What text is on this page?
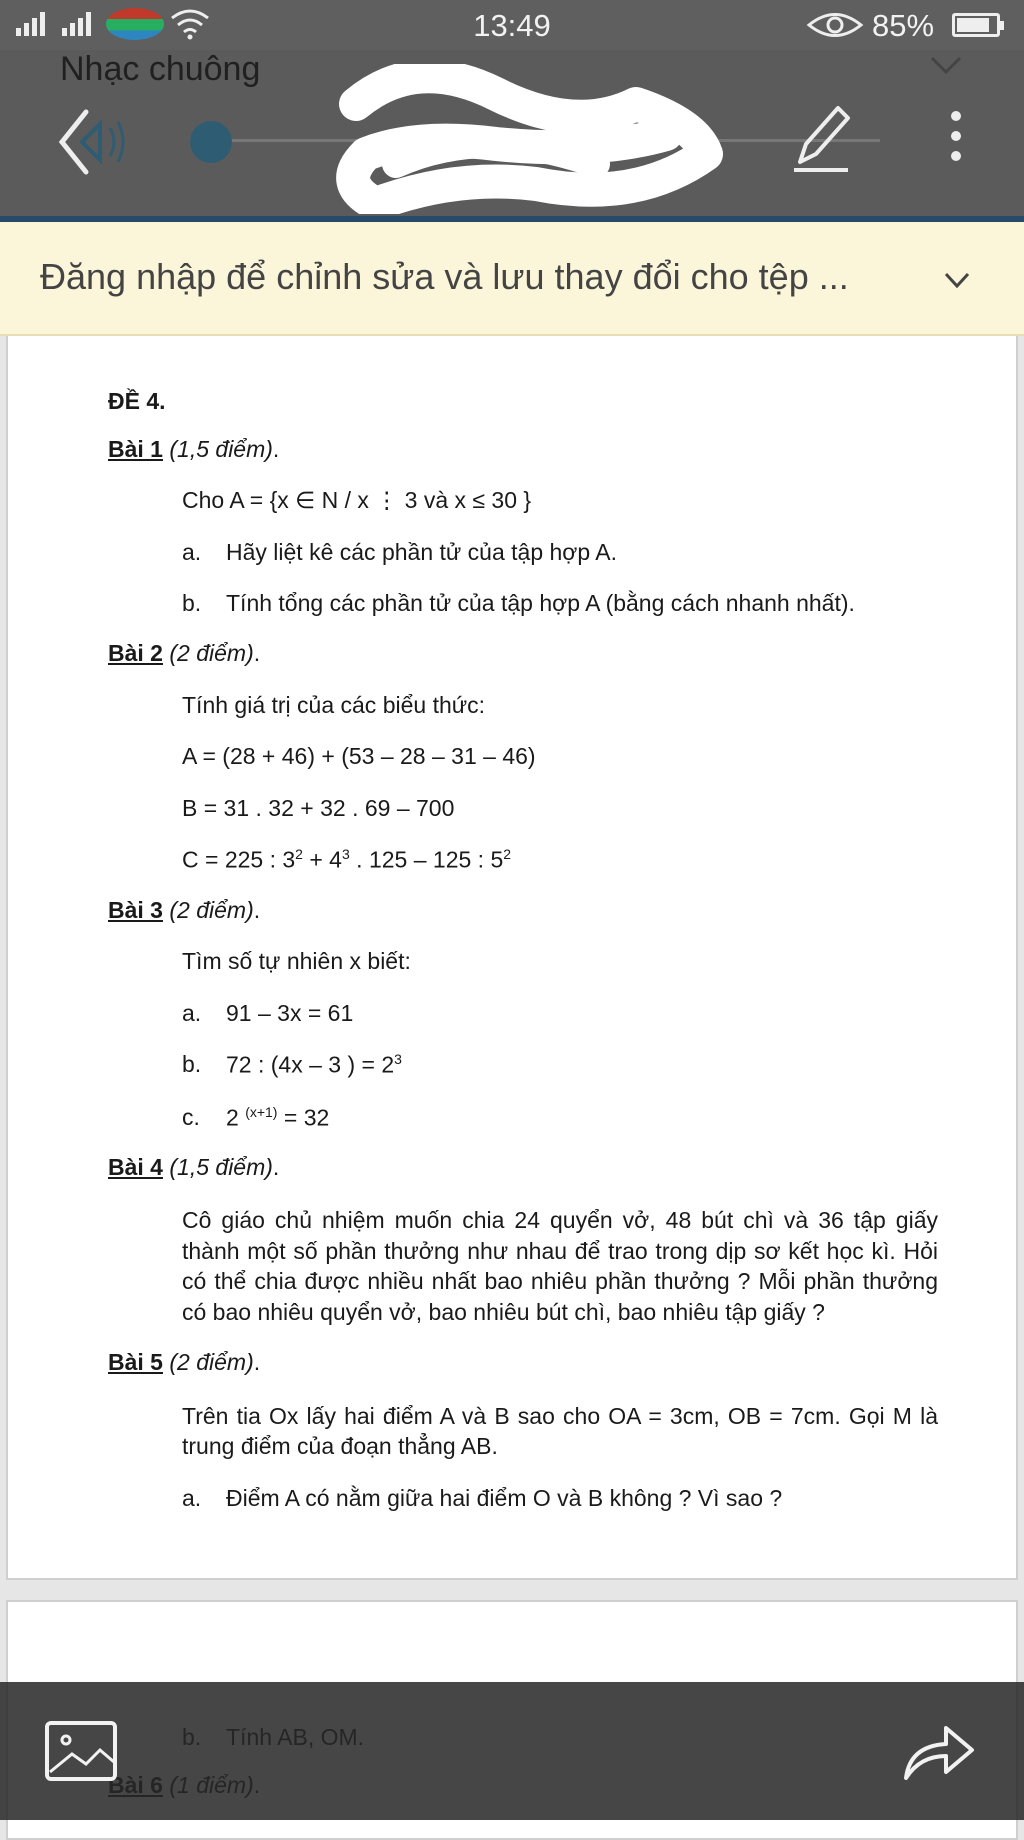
13:49	85%
Nhạc chuông
Đăng nhập để chỉnh sửa và lưu thay đổi cho tệp ...

ĐỀ 4.

Bài 1 (1,5 điểm).

Cho A = {x ∈ N / x ⋮ 3 và x ≤ 30 }

a.	Hãy liệt kê các phần tử của tập hợp A.
b.	Tính tổng các phần tử của tập hợp A (bằng cách nhanh nhất).

Bài 2 (2 điểm).

Tính giá trị của các biểu thức:

A = (28 + 46) + (53 – 28 – 31 – 46)

B = 31 . 32 + 32 . 69 – 700

C = 225 : $3^2 + 4^3$ . 125 – 125 : $5^2$

Bài 3 (2 điểm).

Tìm số tự nhiên x biết:

a.	91 – 3x = 61
b.	72 : (4x – 3 ) = $2^3$
c.	2 $^{(x+1)}$ = 32

Bài 4 (1,5 điểm).

Cô giáo chủ nhiệm muốn chia 24 quyển vở, 48 bút chì và 36 tập giấy thành một số phần thưởng như nhau để trao trong dịp sơ kết học kì. Hỏi có thể chia được nhiều nhất bao nhiêu phần thưởng ? Mỗi phần thưởng có bao nhiêu quyển vở, bao nhiêu bút chì, bao nhiêu tập giấy ?

Bài 5 (2 điểm).

Trên tia Ox lấy hai điểm A và B sao cho OA = 3cm, OB = 7cm. Gọi M là trung điểm của đoạn thẳng AB.

a.	Điểm A có nằm giữa hai điểm O và B không ? Vì sao ?
